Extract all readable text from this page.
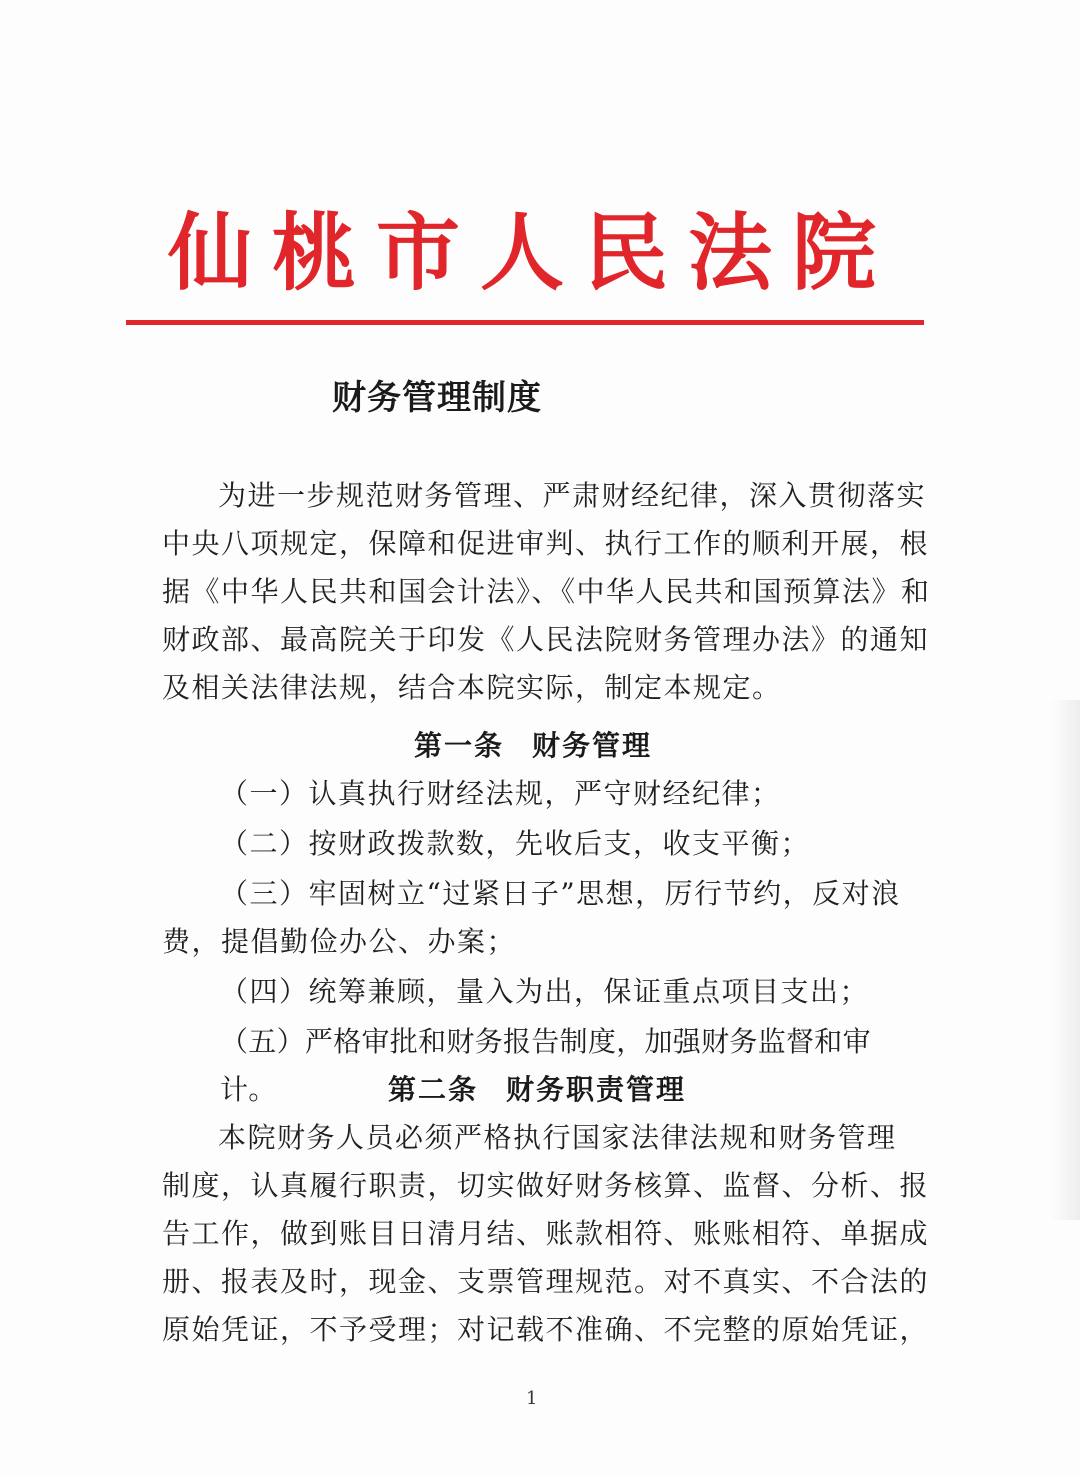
仙桃市人民法院
财务管理制度
为进一步规范财务管理、严肃财经纪律，深入贯彻落实
中央八项规定，保障和促进审判、执行工作的顺利开展，根
据《中华人民共和国会计法》、《中华人民共和国预算法》和
财政部、最高院关于印发《人民法院财务管理办法》的通知
及相关法律法规，结合本院实际，制定本规定。
第一条 财务管理
（一）认真执行财经法规，严守财经纪律；
（二）按财政拨款数，先收后支，收支平衡；
（三）牢固树立“过紧日子”思想，厉行节约，反对浪
费，提倡勤俭办公、办案；
（四）统筹兼顾，量入为出，保证重点项目支出；
（五）严格审批和财务报告制度，加强财务监督和审计。	第二条 财务职责管理
本院财务人员必须严格执行国家法律法规和财务管理
制度，认真履行职责，切实做好财务核算、监督、分析、报
告工作，做到账目日清月结、账款相符、账账相符、单据成
册、报表及时，现金、支票管理规范。对不真实、不合法的
原始凭证，不予受理；对记载不准确、不完整的原始凭证，
1
